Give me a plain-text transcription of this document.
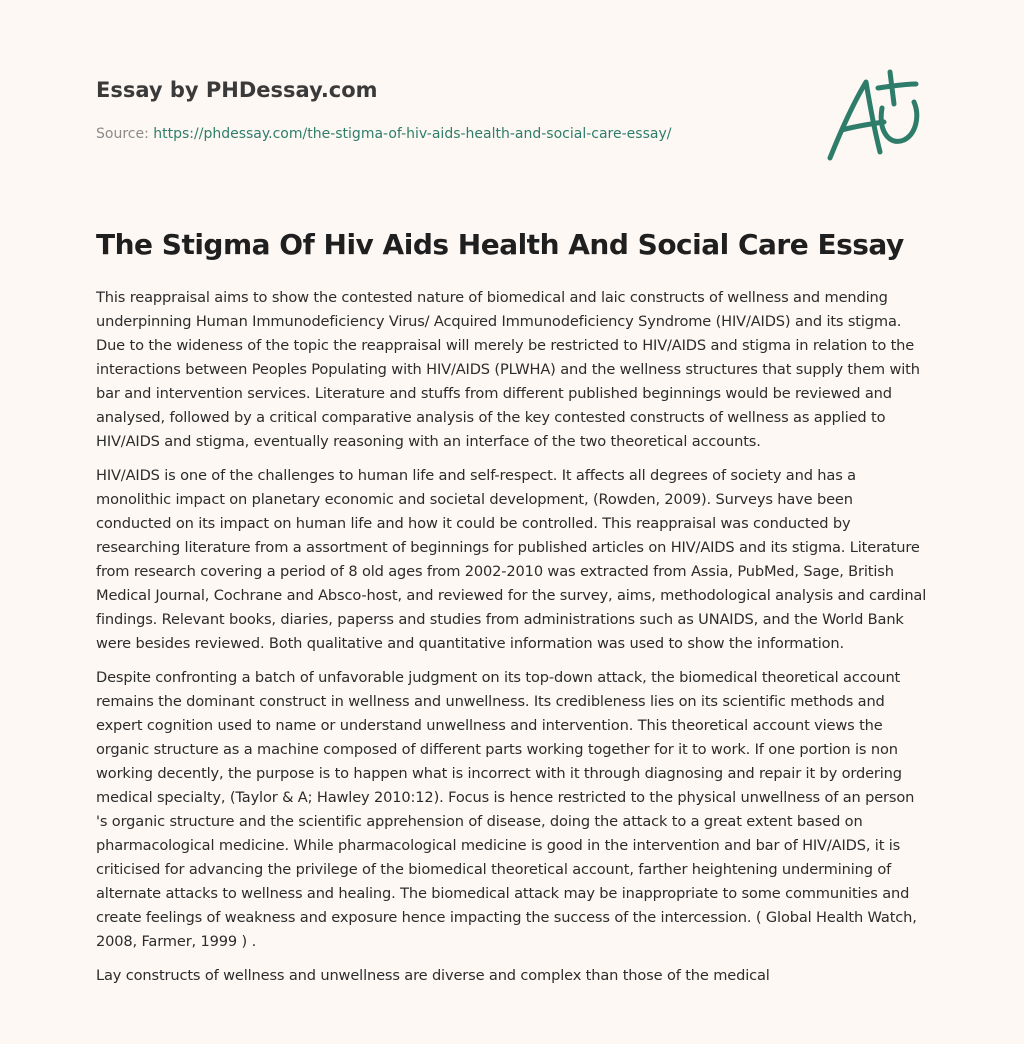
Essay by PHDessay.com
Source: https://phdessay.com/the-stigma-of-hiv-aids-health-and-social-care-essay/
The Stigma Of Hiv Aids Health And Social Care Essay

This reappraisal aims to show the contested nature of biomedical and laic constructs of wellness and mending underpinning Human Immunodeficiency Virus/ Acquired Immunodeficiency Syndrome (HIV/AIDS) and its stigma. Due to the wideness of the topic the reappraisal will merely be restricted to HIV/AIDS and stigma in relation to the interactions between Peoples Populating with HIV/AIDS (PLWHA) and the wellness structures that supply them with bar and intervention services. Literature and stuffs from different published beginnings would be reviewed and analysed, followed by a critical comparative analysis of the key contested constructs of wellness as applied to HIV/AIDS and stigma, eventually reasoning with an interface of the two theoretical accounts.

HIV/AIDS is one of the challenges to human life and self-respect. It affects all degrees of society and has a monolithic impact on planetary economic and societal development, (Rowden, 2009). Surveys have been conducted on its impact on human life and how it could be controlled. This reappraisal was conducted by researching literature from a assortment of beginnings for published articles on HIV/AIDS and its stigma. Literature from research covering a period of 8 old ages from 2002-2010 was extracted from Assia, PubMed, Sage, British Medical Journal, Cochrane and Absco-host, and reviewed for the survey, aims, methodological analysis and cardinal findings. Relevant books, diaries, paperss and studies from administrations such as UNAIDS, and the World Bank were besides reviewed. Both qualitative and quantitative information was used to show the information.

Despite confronting a batch of unfavorable judgment on its top-down attack, the biomedical theoretical account remains the dominant construct in wellness and unwellness. Its credibleness lies on its scientific methods and expert cognition used to name or understand unwellness and intervention. This theoretical account views the organic structure as a machine composed of different parts working together for it to work. If one portion is non working decently, the purpose is to happen what is incorrect with it through diagnosing and repair it by ordering medical specialty, (Taylor & A; Hawley 2010:12). Focus is hence restricted to the physical unwellness of an person 's organic structure and the scientific apprehension of disease, doing the attack to a great extent based on pharmacological medicine. While pharmacological medicine is good in the intervention and bar of HIV/AIDS, it is criticised for advancing the privilege of the biomedical theoretical account, farther heightening undermining of alternate attacks to wellness and healing. The biomedical attack may be inappropriate to some communities and create feelings of weakness and exposure hence impacting the success of the intercession. ( Global Health Watch, 2008, Farmer, 1999 ) .

Lay constructs of wellness and unwellness are diverse and complex than those of the medical
